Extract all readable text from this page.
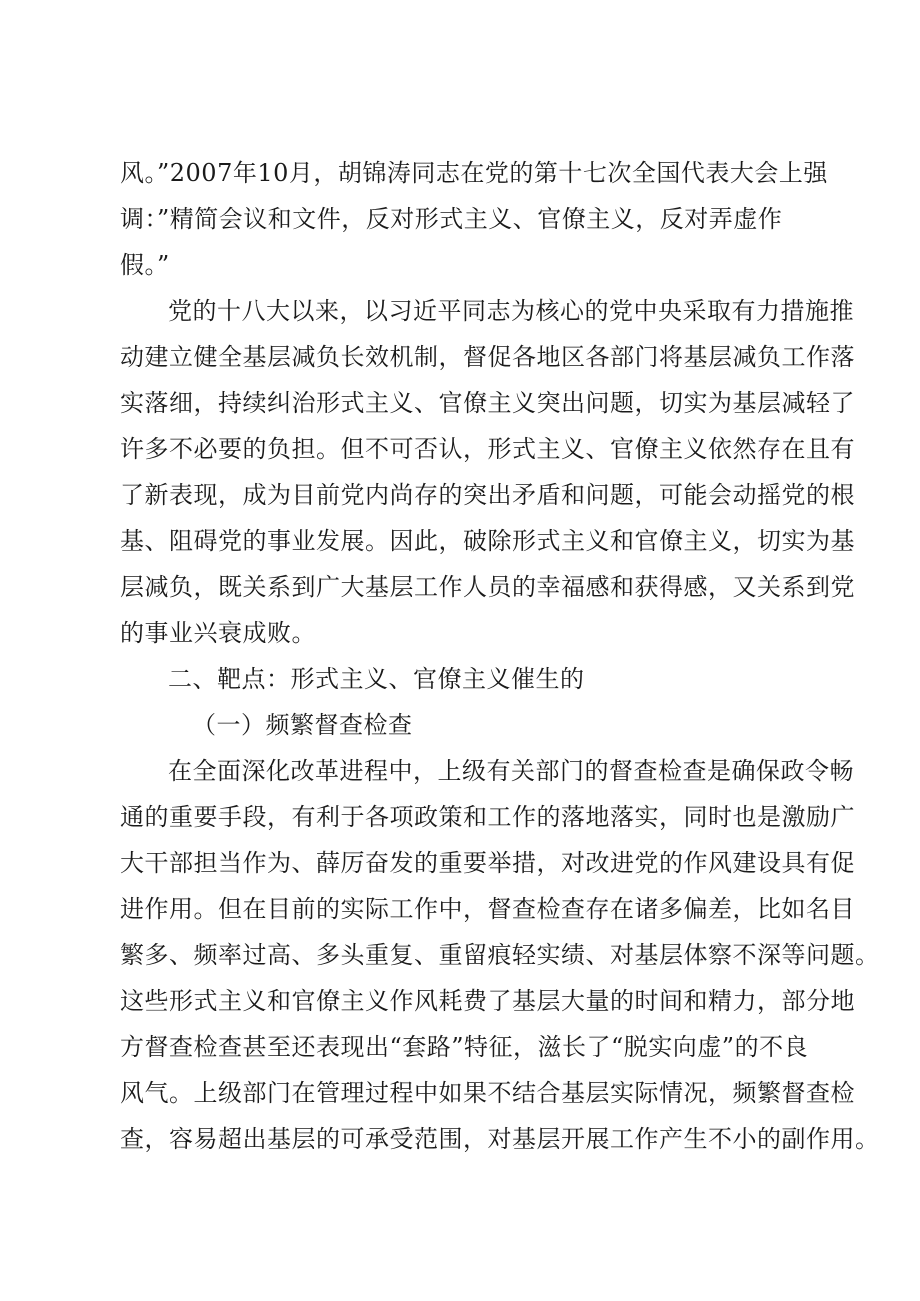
风。”2007年10月，胡锦涛同志在党的第十七次全国代表大会上强
调：”精简会议和文件，反对形式主义、官僚主义，反对弄虚作
假。”
党的十八大以来，以习近平同志为核心的党中央采取有力措施推
动建立健全基层减负长效机制，督促各地区各部门将基层减负工作落
实落细，持续纠治形式主义、官僚主义突出问题，切实为基层减轻了
许多不必要的负担。但不可否认，形式主义、官僚主义依然存在且有
了新表现，成为目前党内尚存的突出矛盾和问题，可能会动摇党的根
基、阻碍党的事业发展。因此，破除形式主义和官僚主义，切实为基
层减负，既关系到广大基层工作人员的幸福感和获得感，又关系到党
的事业兴衰成败。
二、靶点：形式主义、官僚主义催生的
（一）频繁督查检查
在全面深化改革进程中，上级有关部门的督查检查是确保政令畅
通的重要手段，有利于各项政策和工作的落地落实，同时也是激励广
大干部担当作为、薛厉奋发的重要举措，对改进党的作风建设具有促
进作用。但在目前的实际工作中，督查检查存在诸多偏差，比如名目
繁多、频率过高、多头重复、重留痕轻实绩、对基层体察不深等问题。
这些形式主义和官僚主义作风耗费了基层大量的时间和精力，部分地
方督查检查甚至还表现出“套路”特征，滋长了“脱实向虚”的不良
风气。上级部门在管理过程中如果不结合基层实际情况，频繁督查检
查，容易超出基层的可承受范围，对基层开展工作产生不小的副作用。
